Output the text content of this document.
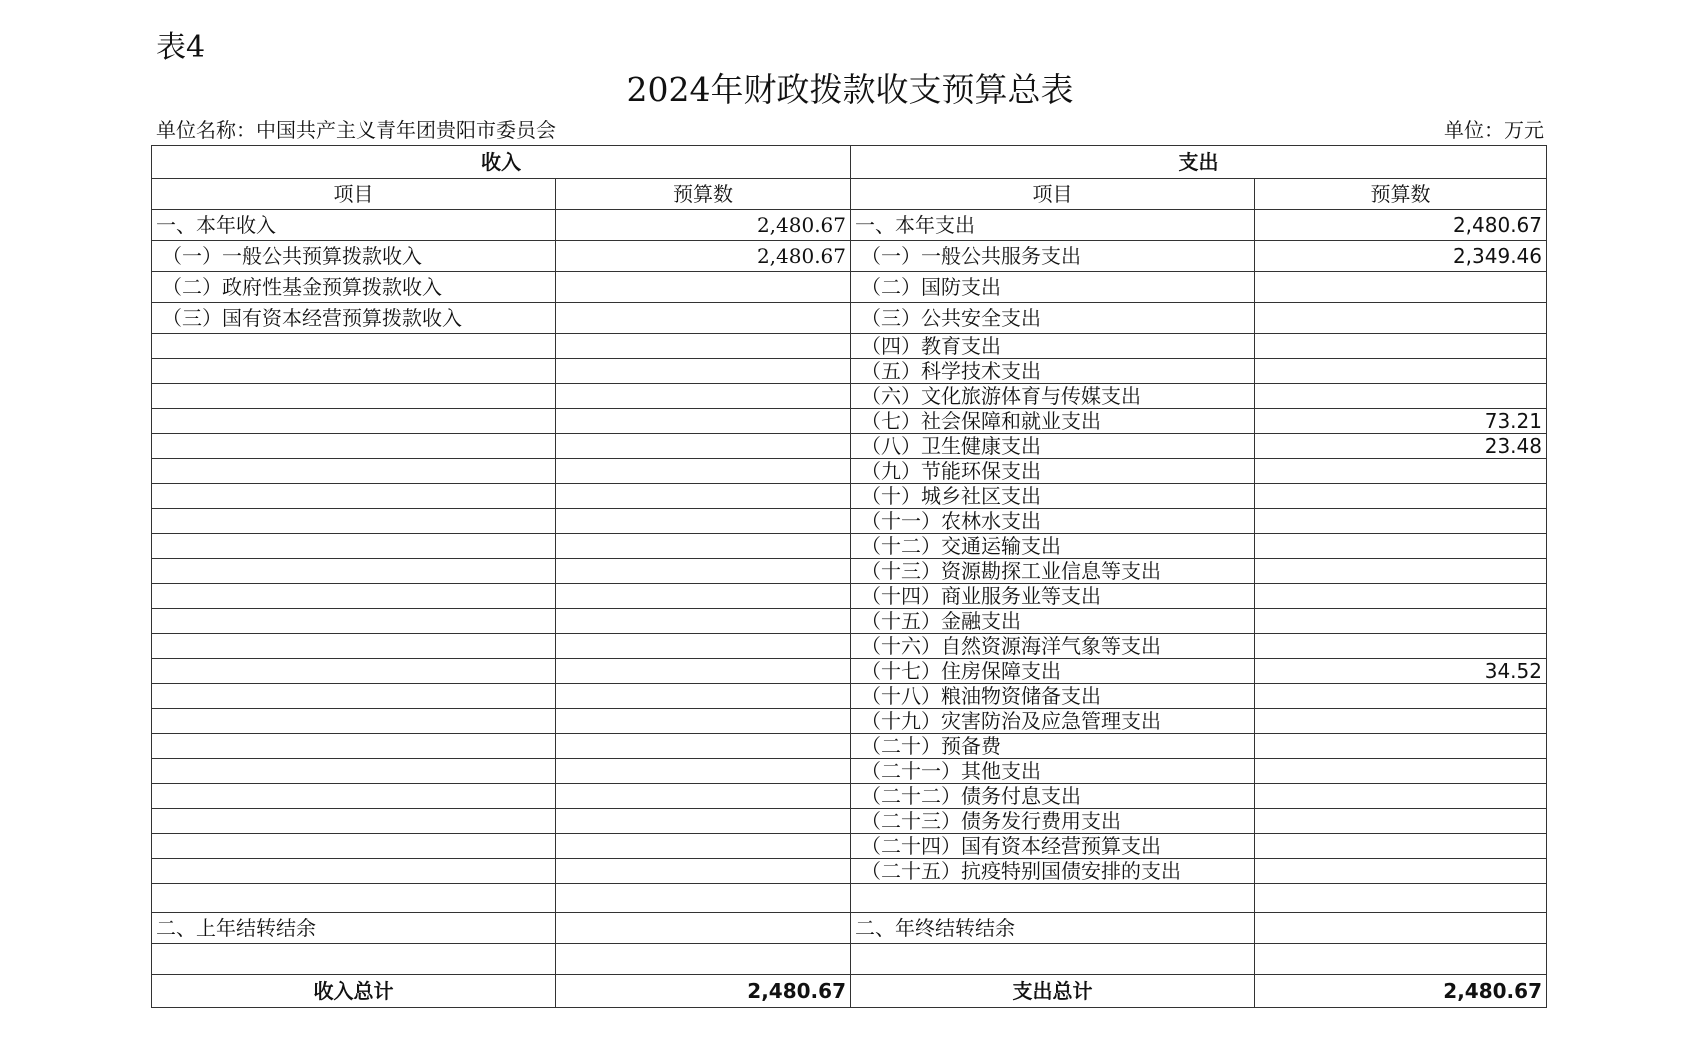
表4
2024年财政拨款收支预算总表
单位名称：中国共产主义青年团贵阳市委员会	单位：万元
收入		支出	
项目	预算数	项目	预算数
一、本年收入	2,480.67	一、本年支出	2,480.67
（一）一般公共预算拨款收入	2,480.67	（一）一般公共服务支出	2,349.46
（二）政府性基金预算拨款收入		（二）国防支出	
（三）国有资本经营预算拨款收入		（三）公共安全支出	
		（四）教育支出	
		（五）科学技术支出	
		（六）文化旅游体育与传媒支出	
		（七）社会保障和就业支出	73.21
		（八）卫生健康支出	23.48
		（九）节能环保支出	
		（十）城乡社区支出	
		（十一）农林水支出	
		（十二）交通运输支出	
		（十三）资源勘探工业信息等支出	
		（十四）商业服务业等支出	
		（十五）金融支出	
		（十六）自然资源海洋气象等支出	
		（十七）住房保障支出	34.52
		（十八）粮油物资储备支出	
		（十九）灾害防治及应急管理支出	
		（二十）预备费	
		（二十一）其他支出	
		（二十二）债务付息支出	
		（二十三）债务发行费用支出	
		（二十四）国有资本经营预算支出	
		（二十五）抗疫特别国债安排的支出	

二、上年结转结余		二、年终结转结余	

收入总计	2,480.67	支出总计	2,480.67
